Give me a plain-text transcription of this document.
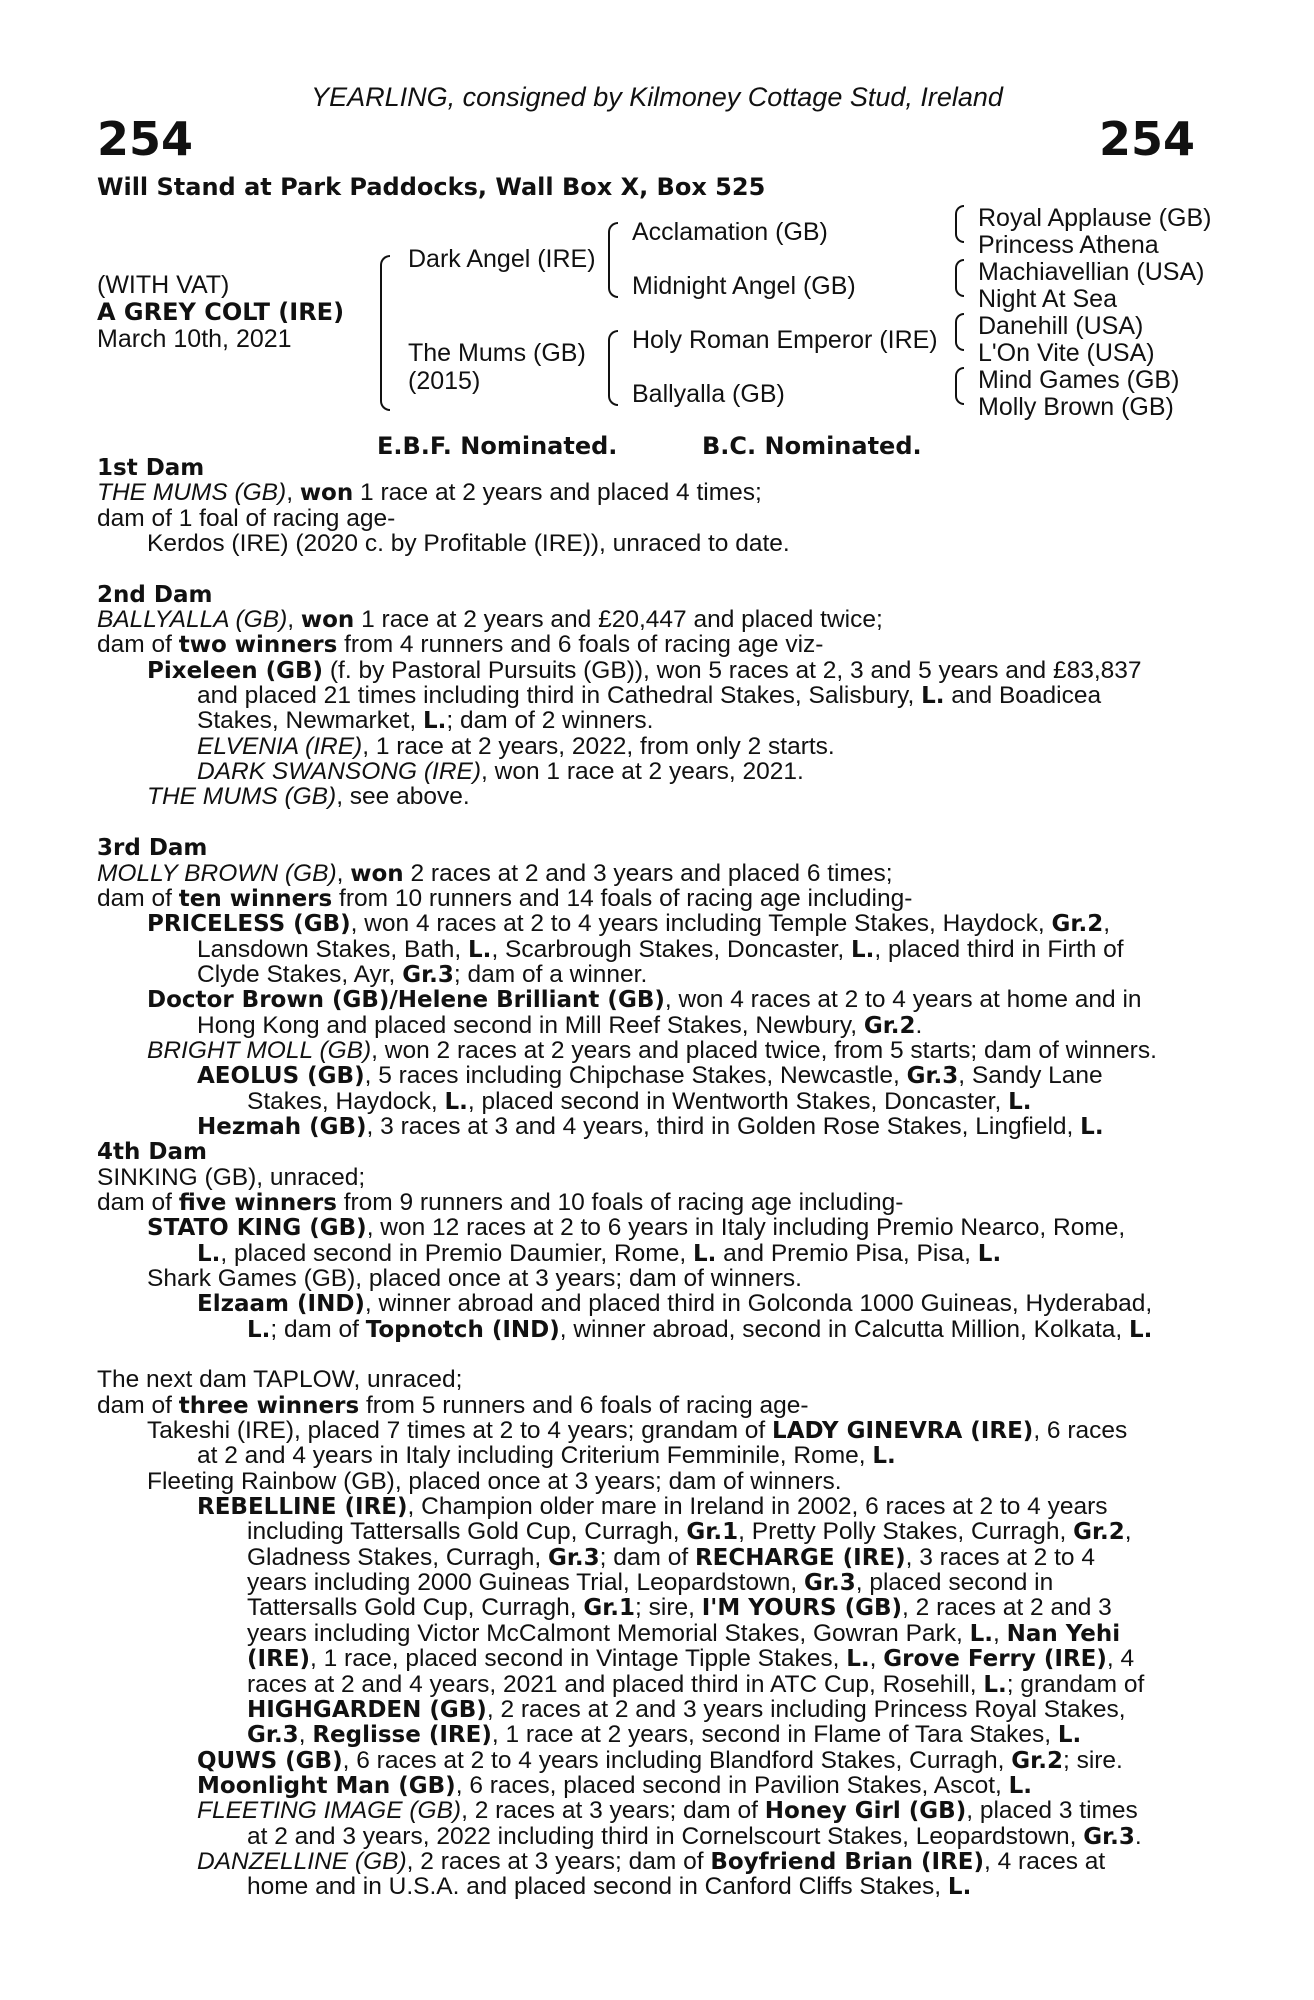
YEARLING, consigned by Kilmoney Cottage Stud, Ireland
254	254
Will Stand at Park Paddocks, Wall Box X, Box 525
(WITH VAT)
A GREY COLT (IRE)
March 10th, 2021
Dark Angel (IRE)
The Mums (GB)
(2015)
Acclamation (GB)
Midnight Angel (GB)
Holy Roman Emperor (IRE)
Ballyalla (GB)
Royal Applause (GB)
Princess Athena
Machiavellian (USA)
Night At Sea
Danehill (USA)
L'On Vite (USA)
Mind Games (GB)
Molly Brown (GB)
E.B.F. Nominated.	B.C. Nominated.
1st Dam
THE MUMS (GB), won 1 race at 2 years and placed 4 times;
dam of 1 foal of racing age-
Kerdos (IRE) (2020 c. by Profitable (IRE)), unraced to date.
2nd Dam
BALLYALLA (GB), won 1 race at 2 years and £20,447 and placed twice;
dam of two winners from 4 runners and 6 foals of racing age viz-
Pixeleen (GB) (f. by Pastoral Pursuits (GB)), won 5 races at 2, 3 and 5 years and £83,837
and placed 21 times including third in Cathedral Stakes, Salisbury, L. and Boadicea
Stakes, Newmarket, L.; dam of 2 winners.
ELVENIA (IRE), 1 race at 2 years, 2022, from only 2 starts.
DARK SWANSONG (IRE), won 1 race at 2 years, 2021.
THE MUMS (GB), see above.
3rd Dam
MOLLY BROWN (GB), won 2 races at 2 and 3 years and placed 6 times;
dam of ten winners from 10 runners and 14 foals of racing age including-
PRICELESS (GB), won 4 races at 2 to 4 years including Temple Stakes, Haydock, Gr.2,
Lansdown Stakes, Bath, L., Scarbrough Stakes, Doncaster, L., placed third in Firth of
Clyde Stakes, Ayr, Gr.3; dam of a winner.
Doctor Brown (GB)/Helene Brilliant (GB), won 4 races at 2 to 4 years at home and in
Hong Kong and placed second in Mill Reef Stakes, Newbury, Gr.2.
BRIGHT MOLL (GB), won 2 races at 2 years and placed twice, from 5 starts; dam of winners.
AEOLUS (GB), 5 races including Chipchase Stakes, Newcastle, Gr.3, Sandy Lane
Stakes, Haydock, L., placed second in Wentworth Stakes, Doncaster, L.
Hezmah (GB), 3 races at 3 and 4 years, third in Golden Rose Stakes, Lingfield, L.
4th Dam
SINKING (GB), unraced;
dam of five winners from 9 runners and 10 foals of racing age including-
STATO KING (GB), won 12 races at 2 to 6 years in Italy including Premio Nearco, Rome,
L., placed second in Premio Daumier, Rome, L. and Premio Pisa, Pisa, L.
Shark Games (GB), placed once at 3 years; dam of winners.
Elzaam (IND), winner abroad and placed third in Golconda 1000 Guineas, Hyderabad,
L.; dam of Topnotch (IND), winner abroad, second in Calcutta Million, Kolkata, L.
The next dam TAPLOW, unraced;
dam of three winners from 5 runners and 6 foals of racing age-
Takeshi (IRE), placed 7 times at 2 to 4 years; grandam of LADY GINEVRA (IRE), 6 races
at 2 and 4 years in Italy including Criterium Femminile, Rome, L.
Fleeting Rainbow (GB), placed once at 3 years; dam of winners.
REBELLINE (IRE), Champion older mare in Ireland in 2002, 6 races at 2 to 4 years
including Tattersalls Gold Cup, Curragh, Gr.1, Pretty Polly Stakes, Curragh, Gr.2,
Gladness Stakes, Curragh, Gr.3; dam of RECHARGE (IRE), 3 races at 2 to 4
years including 2000 Guineas Trial, Leopardstown, Gr.3, placed second in
Tattersalls Gold Cup, Curragh, Gr.1; sire, I'M YOURS (GB), 2 races at 2 and 3
years including Victor McCalmont Memorial Stakes, Gowran Park, L., Nan Yehi
(IRE), 1 race, placed second in Vintage Tipple Stakes, L., Grove Ferry (IRE), 4
races at 2 and 4 years, 2021 and placed third in ATC Cup, Rosehill, L.; grandam of
HIGHGARDEN (GB), 2 races at 2 and 3 years including Princess Royal Stakes,
Gr.3, Reglisse (IRE), 1 race at 2 years, second in Flame of Tara Stakes, L.
QUWS (GB), 6 races at 2 to 4 years including Blandford Stakes, Curragh, Gr.2; sire.
Moonlight Man (GB), 6 races, placed second in Pavilion Stakes, Ascot, L.
FLEETING IMAGE (GB), 2 races at 3 years; dam of Honey Girl (GB), placed 3 times
at 2 and 3 years, 2022 including third in Cornelscourt Stakes, Leopardstown, Gr.3.
DANZELLINE (GB), 2 races at 3 years; dam of Boyfriend Brian (IRE), 4 races at
home and in U.S.A. and placed second in Canford Cliffs Stakes, L.
